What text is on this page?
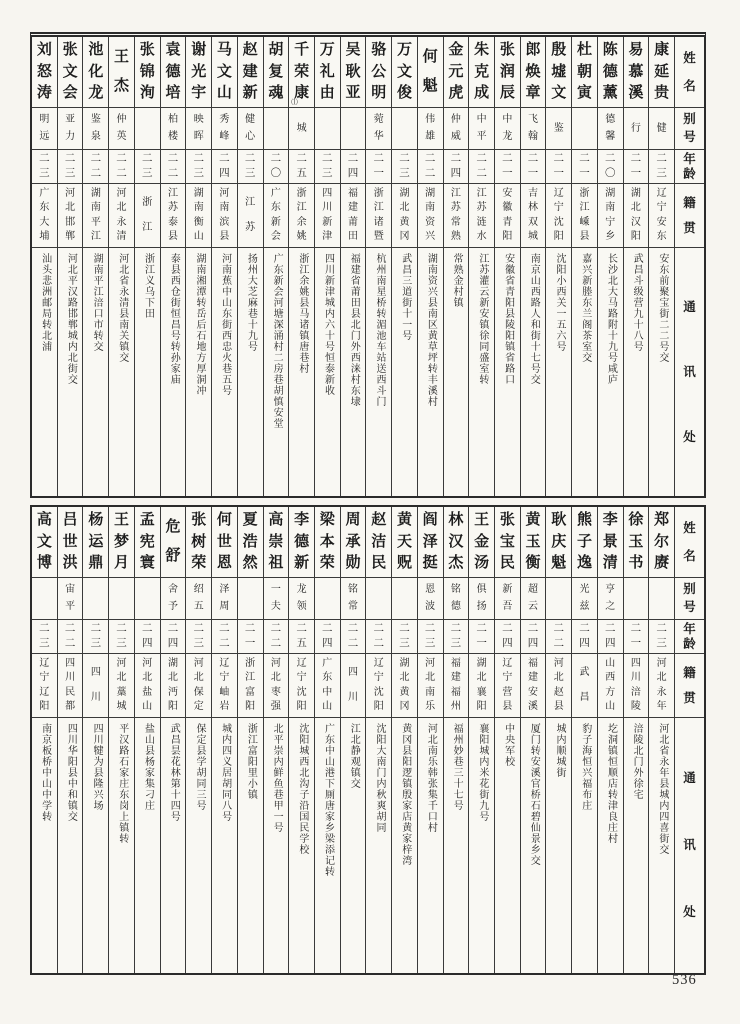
姓
名
别
号
年
龄
籍
贯
通
讯
处
康
延
贵
健
二
三
辽
宁
安
东
安东前聚宝街二二号交
易
慕
溪
行
二
一
湖
北
汉
阳
武昌斗级营九十八号
陈
德
薰
德
馨
二
〇
湖
南
宁
乡
长沙北大马路附十九号咸庐
杜
朝
寅
二
一
浙
江
嵊
县
嘉兴新塍东兰阁茶室交
殷
墟
文
鉴
二
一
辽
宁
沈
阳
沈阳小西关一五六号
郎
焕
章
飞
翰
二
一
吉
林
双
城
南京山西路人和街十七号交
张
润
辰
中
龙
二
一
安
徽
青
阳
安徽省青阳县陵阳镇省路口
朱
克
成
中
平
二
二
江
苏
涟
水
江苏灌云新安镇徐同盛室转
金
元
虎
仲
威
二
四
江
苏
常
熟
常熟金村镇
何
魁
伟
雄
二
二
湖
南
资
兴
湖南资兴县南区黄草坪转丰溪村
万
文
俊
二
三
湖
北
黄
冈
武昌三道街十一号
骆
公
明
菀
华
二
一
浙
江
诸
暨
杭州南星桥转湄池车站送西斗门
吴
耿
亚
二
四
福
建
莆
田
福建省莆田县北门外西涞村东埭
万
礼
由
二
三
四
川
新
津
四川新津城内六十号恒泰新收
千
荣
康
⑴
城
二
五
浙
江
余
姚
浙江余姚县马诸镇唐巷村
胡
复
魂
二
〇
广
东
新
会
广东新会河塘深涌村二房巷胡慎安堂
赵
建
新
健
心
二
三
江
苏
扬州大芝麻巷十九号
马
文
山
秀
峰
二
四
河
南
滨
县
河南蕉中山东街西忠火巷五号
谢
光
宇
映
晖
二
三
湖
南
衡
山
湖南湘潭转岳后石地方厚洞冲
袁
德
培
柏
楼
二
二
江
苏
泰
县
泰县西仓街恒昌号转孙家庙
张
锦
洵
二
三
浙
江
浙江义乌下田
王
杰
仲
英
二
二
河
北
永
清
河北省永清县南关镇交
池
化
龙
鉴
泉
二
二
湖
南
平
江
湖南平江涪口市转交
张
文
会
亚
力
二
三
河
北
邯
郸
河北平汉路邯郸城内北街交
刘
怒
涛
明
远
二
三
广
东
大
埔
汕头悲洲邮局转北浦
姓
名
别
号
年
龄
籍
贯
通
讯
处
郑
尔
赓
二
三
河
北
永
年
河北省永年县城内四喜街交
徐
玉
书
二
一
四
川
涪
陵
涪陵北门外徐宅
李
景
清
亨
之
二
四
山
西
方
山
圪洞镇恒顺店转津良庄村
熊
子
逸
光
兹
二
四
武
昌
豹子海恒兴福布庄
耿
庆
魁
二
二
河
北
赵
县
城内顺城街
黄
玉
衡
超
云
二
四
福
建
安
溪
厦门转安溪官桥石碧仙景乡交
张
宝
民
新
吾
二
四
辽
宁
营
县
中央军校
王
金
汤
俱
扬
二
一
湖
北
襄
阳
襄阳城内米花街九号
林
汉
杰
铭
德
二
三
福
建
福
州
福州妙巷三十七号
阎
泽
挺
恩
波
二
三
河
北
南
乐
河北南乐韩张集千口村
黄
天
贶
二
三
湖
北
黄
冈
黄冈县阳逻镇殷家店黄家梓湾
赵
洁
民
二
二
辽
宁
沈
阳
沈阳大南门内秋爽胡同
周
承
勋
铭
常
二
二
四
川
江北静观镇交
梁
本
荣
二
四
广
东
中
山
广东中山港下厠唐家乡梁添记转
李
德
新
龙
领
二
五
辽
宁
沈
阳
沈阳城西北沟子沿国民学校
高
崇
祖
一
夫
二
二
河
北
枣
强
北平崇内鲜鱼巷甲一号
夏
浩
然
二
一
浙
江
富
阳
浙江富阳里小镇
何
世
恩
泽
周
二
二
辽
宁
岫
岩
城内四义居胡同八号
张
树
荣
绍
五
二
三
河
北
保
定
保定县学胡同三号
危
舒
舍
予
二
四
湖
北
沔
阳
武昌昙花林第十四号
孟
宪
寰
二
四
河
北
盐
山
盐山县杨家集刁庄
王
梦
月
二
三
河
北
藁
城
平汉路石家庄东岗上镇转
杨
运
鼎
二
三
四
川
四川犍为县隆兴场
吕
世
洪
宙
平
二
二
四
川
民
都
四川华阳县中和镇交
高
文
博
二
三
辽
宁
辽
阳
南京板桥中山中学转
536
